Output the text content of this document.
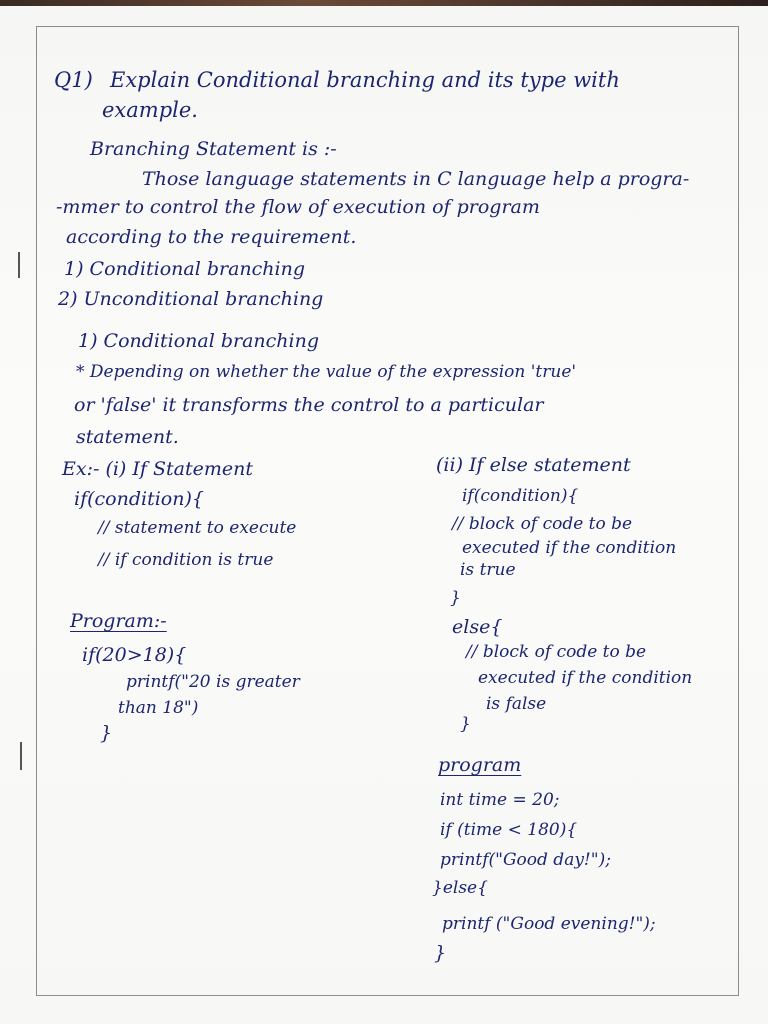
Q1) Explain Conditional branching and its type with
example.
Branching Statement is :-
Those language statements in C language help a progra-
-mmer to control the flow of execution of program
according to the requirement.
1) Conditional branching
2) Unconditional branching
1) Conditional branching
* Depending on whether the value of the expression 'true'
or 'false' it transforms the control to a particular
statement.
Ex:- (i) If Statement
if(condition){
// statement to execute
// if condition is true
Program:-
if(20>18){
printf("20 is greater
than 18")
}
(ii) If else statement
if(condition){
// block of code to be
executed if the condition
is true
}
else{
// block of code to be
executed if the condition
is false
}
program
int time = 20;
if (time < 180){
printf("Good day!");
}else{
printf ("Good evening!");
}
